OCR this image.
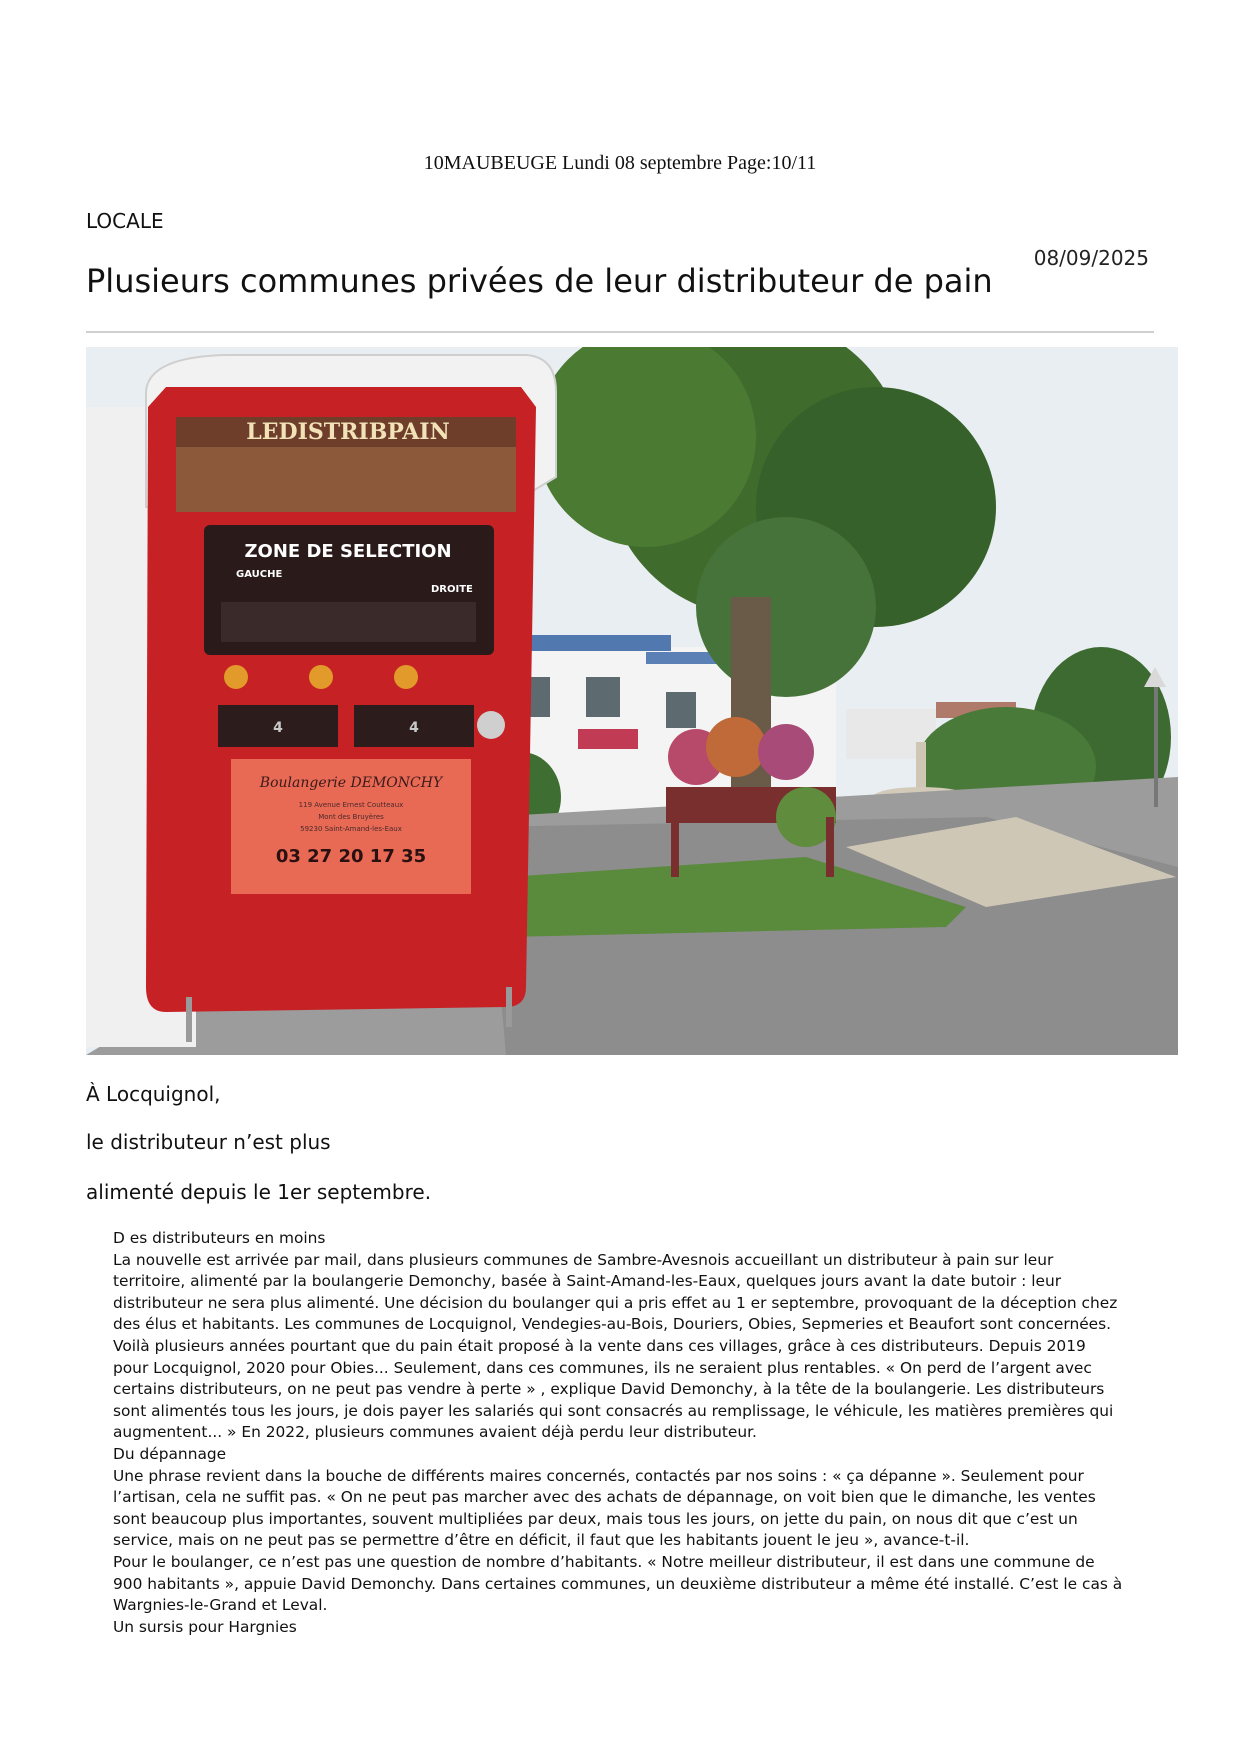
10MAUBEUGE Lundi 08 septembre Page:10/11
LOCALE
08/09/2025
Plusieurs communes privées de leur distributeur de pain
LEDISTRIBPAIN
ZONE DE SELECTION
GAUCHE
DROITE
4	4
Boulangerie DEMONCHY
119 Avenue Ernest Coutteaux
Mont des Bruyères
59230 Saint-Amand-les-Eaux
03 27 20 17 35
À Locquignol,
le distributeur n’est plus
alimenté depuis le 1er septembre.

D es distributeurs en moins

La nouvelle est arrivée par mail, dans plusieurs communes de Sambre-Avesnois accueillant un distributeur à pain sur leur territoire, alimenté par la boulangerie Demonchy, basée à Saint-Amand-les-Eaux, quelques jours avant la date butoir : leur distributeur ne sera plus alimenté. Une décision du boulanger qui a pris effet au 1 er septembre, provoquant de la déception chez des élus et habitants. Les communes de Locquignol, Vendegies-au-Bois, Douriers, Obies, Sepmeries et Beaufort sont concernées.

Voilà plusieurs années pourtant que du pain était proposé à la vente dans ces villages, grâce à ces distributeurs. Depuis 2019 pour Locquignol, 2020 pour Obies... Seulement, dans ces communes, ils ne seraient plus rentables. « On perd de l’argent avec certains distributeurs, on ne peut pas vendre à perte » , explique David Demonchy, à la tête de la boulangerie. Les distributeurs sont alimentés tous les jours, je dois payer les salariés qui sont consacrés au remplissage, le véhicule, les matières premières qui augmentent... » En 2022, plusieurs communes avaient déjà perdu leur distributeur.

Du dépannage

Une phrase revient dans la bouche de différents maires concernés, contactés par nos soins : « ça dépanne ». Seulement pour l’artisan, cela ne suffit pas. « On ne peut pas marcher avec des achats de dépannage, on voit bien que le dimanche, les ventes sont beaucoup plus importantes, souvent multipliées par deux, mais tous les jours, on jette du pain, on nous dit que c’est un service, mais on ne peut pas se permettre d’être en déficit, il faut que les habitants jouent le jeu », avance-t-il.

Pour le boulanger, ce n’est pas une question de nombre d’habitants. « Notre meilleur distributeur, il est dans une commune de 900 habitants », appuie David Demonchy. Dans certaines communes, un deuxième distributeur a même été installé. C’est le cas à Wargnies-le-Grand et Leval.

Un sursis pour Hargnies
